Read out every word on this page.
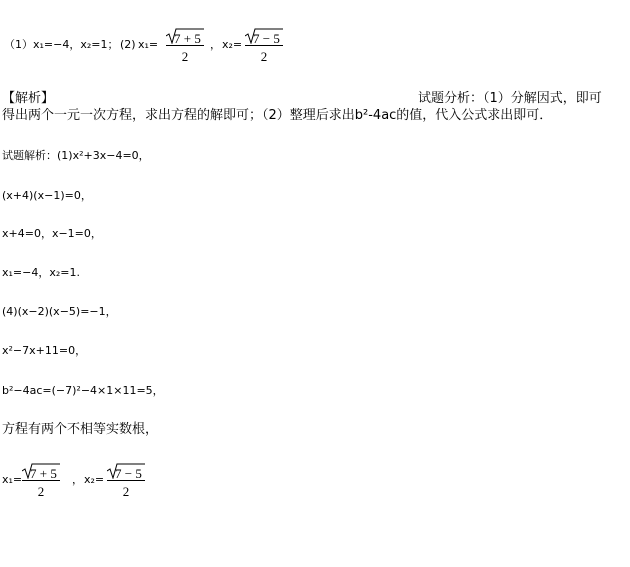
（1） x₁=−4，x₂=1； (2) x₁= 7 + 5
2
， x₂= 7 − 5
2
【解析】	试题分析：（1）分解因式，即可
得出两个一元一次方程，求出方程的解即可；（2）整理后求出b²-4ac的值，代入公式求出即可．
试题解析：(1)x²+3x−4=0，
(x+4)(x−1)=0，
x+4=0，x−1=0，
x₁=−4，x₂=1.
(4)(x−2)(x−5)=−1，
x²−7x+11=0，
b²−4ac=(−7)²−4×1×11=5，
方程有两个不相等实数根，
x₁= 7 + 5
2
， x₂= 7 − 5
2
